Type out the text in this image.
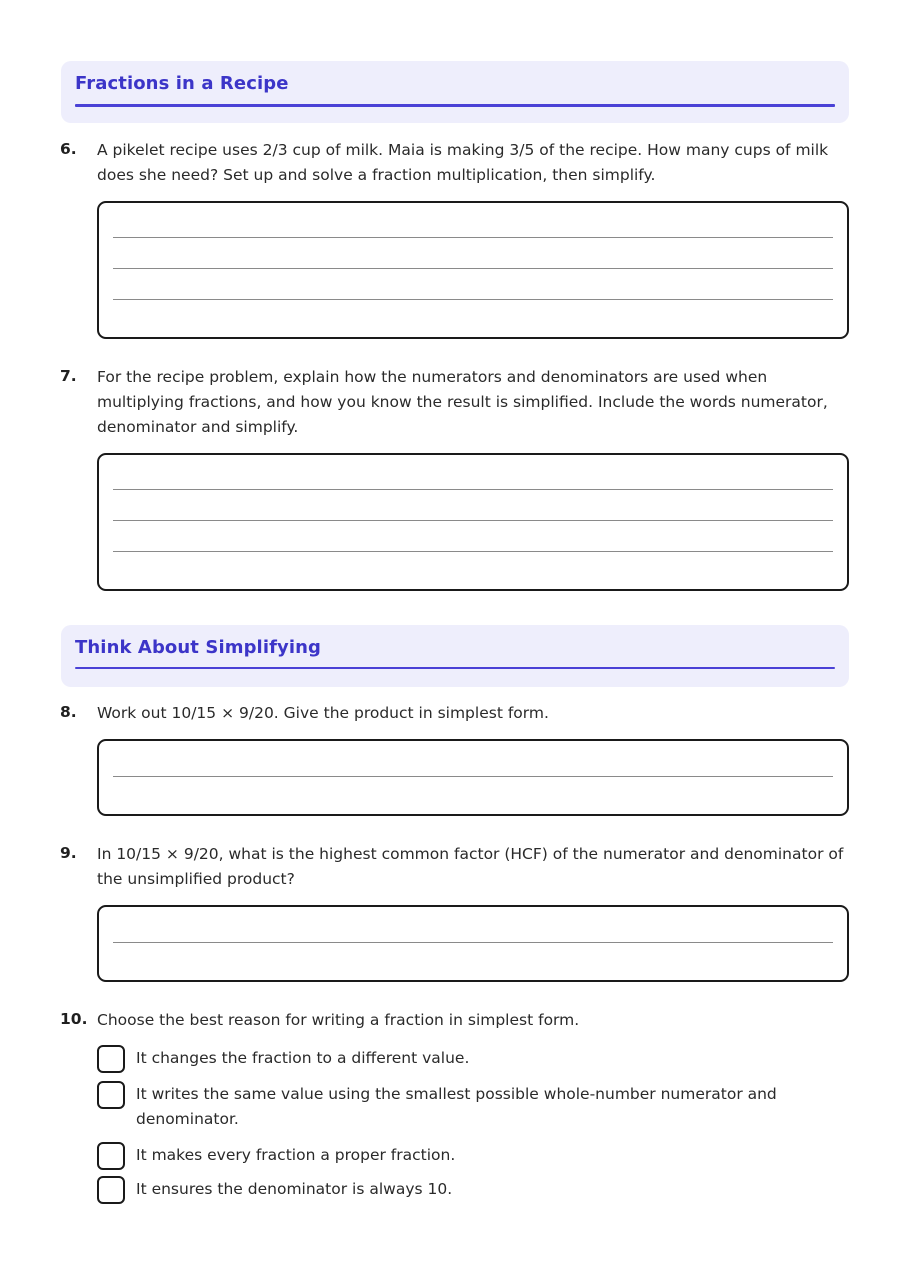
Fractions in a Recipe
6. A pikelet recipe uses 2/3 cup of milk. Maia is making 3/5 of the recipe. How many cups of milk does she need? Set up and solve a fraction multiplication, then simplify.
7. For the recipe problem, explain how the numerators and denominators are used when multiplying fractions, and how you know the result is simplified. Include the words numerator, denominator and simplify.
Think About Simplifying
8. Work out 10/15 × 9/20. Give the product in simplest form.
9. In 10/15 × 9/20, what is the highest common factor (HCF) of the numerator and denominator of the unsimplified product?
10. Choose the best reason for writing a fraction in simplest form.
It changes the fraction to a different value.
It writes the same value using the smallest possible whole-number numerator and denominator.
It makes every fraction a proper fraction.
It ensures the denominator is always 10.
